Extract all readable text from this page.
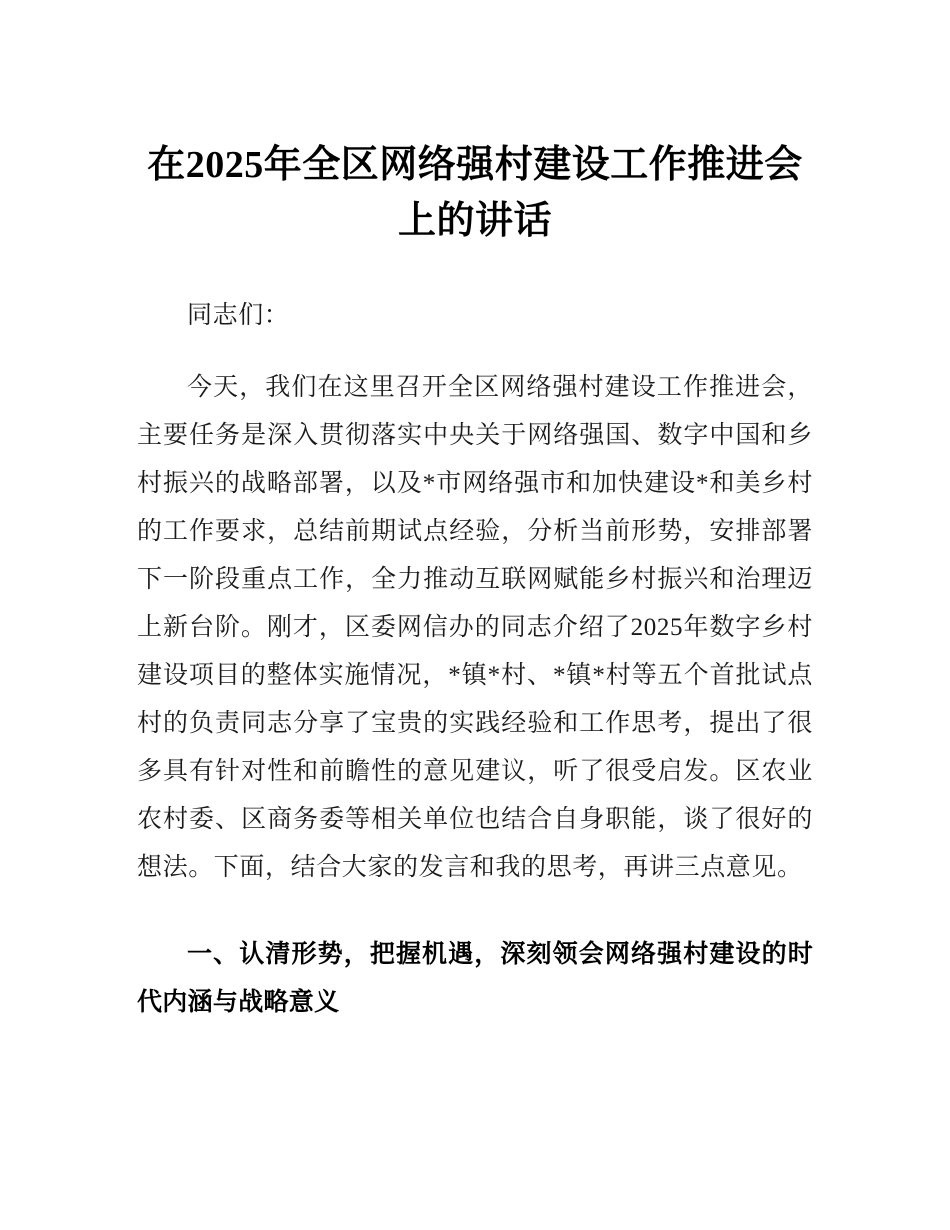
在2025年全区网络强村建设工作推进会上的讲话

同志们：

今天，我们在这里召开全区网络强村建设工作推进会，主要任务是深入贯彻落实中央关于网络强国、数字中国和乡村振兴的战略部署，以及*市网络强市和加快建设*和美乡村的工作要求，总结前期试点经验，分析当前形势，安排部署下一阶段重点工作，全力推动互联网赋能乡村振兴和治理迈上新台阶。刚才，区委网信办的同志介绍了2025年数字乡村建设项目的整体实施情况，*镇*村、*镇*村等五个首批试点村的负责同志分享了宝贵的实践经验和工作思考，提出了很多具有针对性和前瞻性的意见建议，听了很受启发。区农业农村委、区商务委等相关单位也结合自身职能，谈了很好的想法。下面，结合大家的发言和我的思考，再讲三点意见。

一、认清形势，把握机遇，深刻领会网络强村建设的时代内涵与战略意义
